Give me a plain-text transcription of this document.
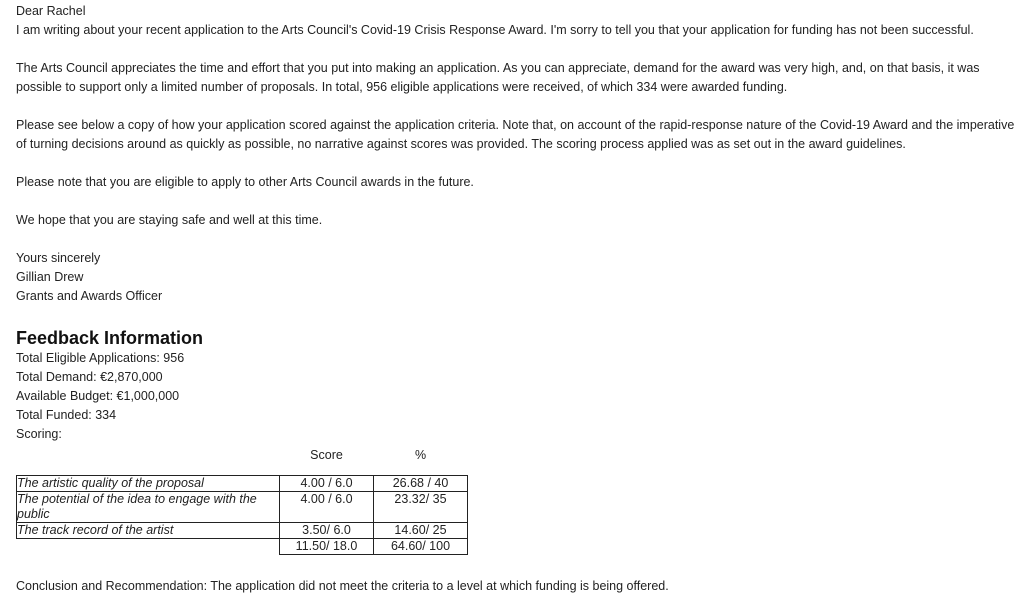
Dear Rachel

I am writing about your recent application to the Arts Council's Covid-19 Crisis Response Award. I'm sorry to tell you that your application for funding has not been successful.

The Arts Council appreciates the time and effort that you put into making an application. As you can appreciate, demand for the award was very high, and, on that basis, it was possible to support only a limited number of proposals. In total, 956 eligible applications were received, of which 334 were awarded funding.

Please see below a copy of how your application scored against the application criteria. Note that, on account of the rapid-response nature of the Covid-19 Award and the imperative of turning decisions around as quickly as possible, no narrative against scores was provided. The scoring process applied was as set out in the award guidelines.

Please note that you are eligible to apply to other Arts Council awards in the future.

We hope that you are staying safe and well at this time.

Yours sincerely

Gillian Drew

Grants and Awards Officer

Feedback Information

Total Eligible Applications: 956

Total Demand: €2,870,000

Available Budget: €1,000,000

Total Funded: 334

Scoring:

	Score	%
The artistic quality of the proposal	4.00 / 6.0	26.68 / 40
The potential of the idea to engage with the public	4.00 / 6.0	23.32/ 35
The track record of the artist	3.50/ 6.0	14.60/ 25
	11.50/ 18.0	64.60/ 100

Conclusion and Recommendation: The application did not meet the criteria to a level at which funding is being offered.
